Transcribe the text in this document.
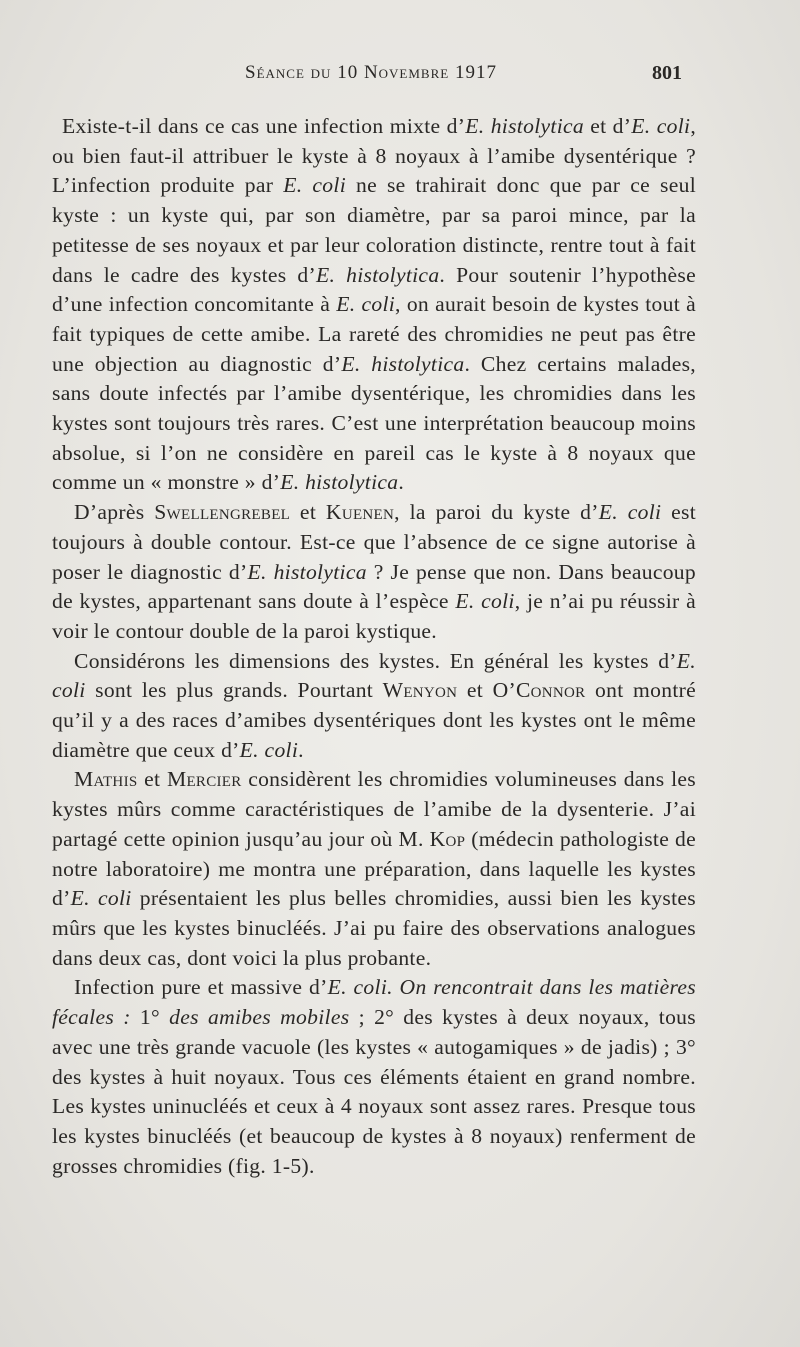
Séance du 10 Novembre 1917	801

Existe-t-il dans ce cas une infection mixte d’E. histolytica et d’E. coli, ou bien faut-il attribuer le kyste à 8 noyaux à l’amibe dysentérique ? L’infection produite par E. coli ne se trahirait donc que par ce seul kyste : un kyste qui, par son diamètre, par sa paroi mince, par la petitesse de ses noyaux et par leur coloration distincte, rentre tout à fait dans le cadre des kystes d’E. histolytica. Pour soutenir l’hypothèse d’une infection concomitante à E. coli, on aurait besoin de kystes tout à fait typiques de cette amibe. La rareté des chromidies ne peut pas être une objection au diagnostic d’E. histolytica. Chez certains malades, sans doute infectés par l’amibe dysentérique, les chromidies dans les kystes sont toujours très rares. C’est une interprétation beaucoup moins absolue, si l’on ne considère en pareil cas le kyste à 8 noyaux que comme un « monstre » d’E. histolytica.

D’après Swellengrebel et Kuenen, la paroi du kyste d’E. coli est toujours à double contour. Est-ce que l’absence de ce signe autorise à poser le diagnostic d’E. histolytica ? Je pense que non. Dans beaucoup de kystes, appartenant sans doute à l’espèce E. coli, je n’ai pu réussir à voir le contour double de la paroi kystique.

Considérons les dimensions des kystes. En général les kystes d’E. coli sont les plus grands. Pourtant Wenyon et O’Connor ont montré qu’il y a des races d’amibes dysentériques dont les kystes ont le même diamètre que ceux d’E. coli.

Mathis et Mercier considèrent les chromidies volumineuses dans les kystes mûrs comme caractéristiques de l’amibe de la dysenterie. J’ai partagé cette opinion jusqu’au jour où M. Kop (médecin pathologiste de notre laboratoire) me montra une préparation, dans laquelle les kystes d’E. coli présentaient les plus belles chromidies, aussi bien les kystes mûrs que les kystes binucléés. J’ai pu faire des observations analogues dans deux cas, dont voici la plus probante.

Infection pure et massive d’E. coli. On rencontrait dans les matières fécales : 1° des amibes mobiles ; 2° des kystes à deux noyaux, tous avec une très grande vacuole (les kystes « autogamiques » de jadis) ; 3° des kystes à huit noyaux. Tous ces éléments étaient en grand nombre. Les kystes uninucléés et ceux à 4 noyaux sont assez rares. Presque tous les kystes binucléés (et beaucoup de kystes à 8 noyaux) renferment de grosses chromidies (fig. 1-5).
